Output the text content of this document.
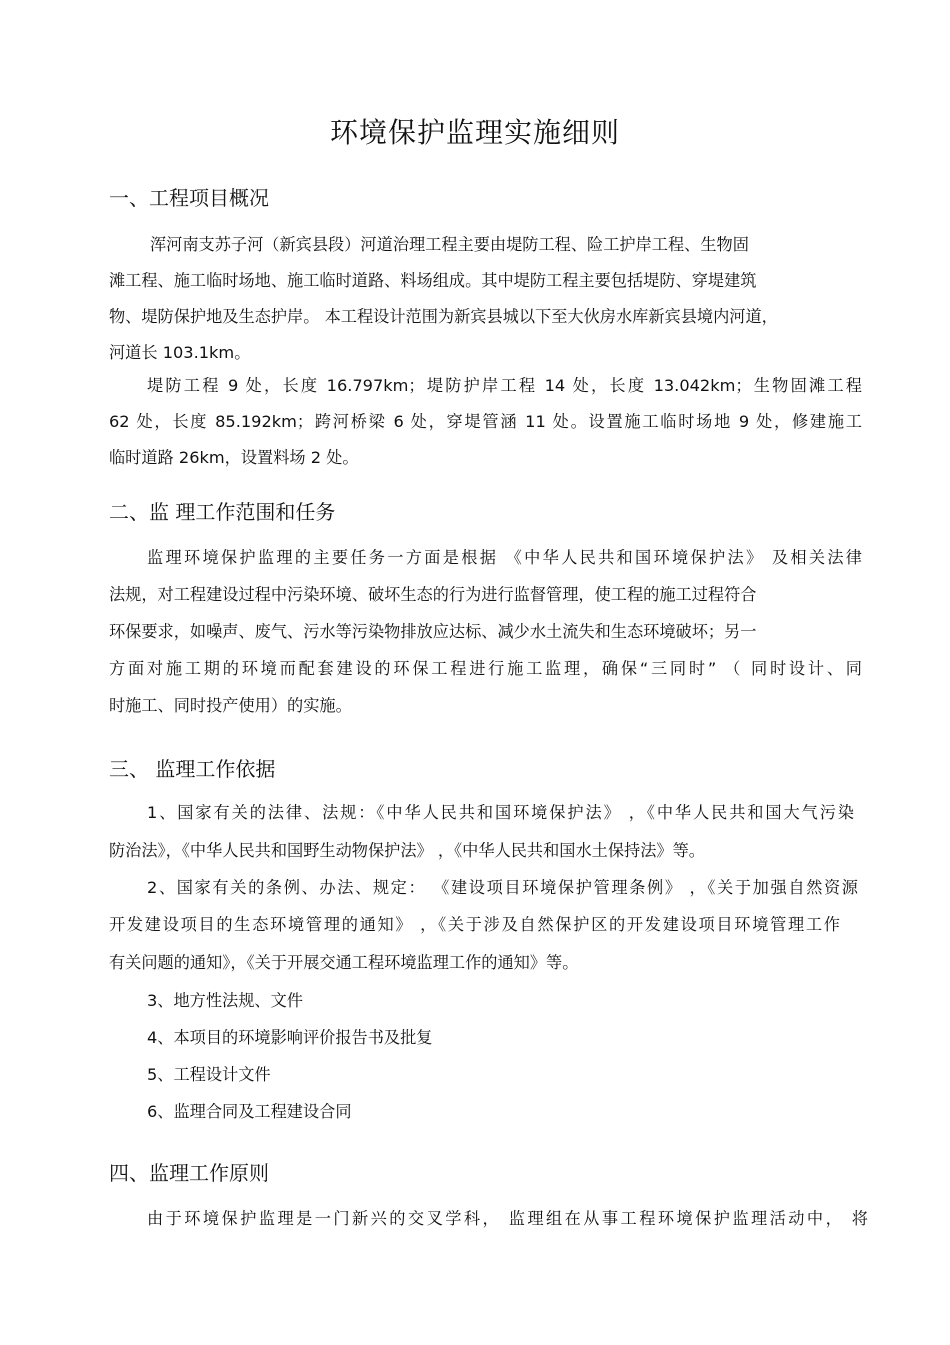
环境保护监理实施细则
一、工程项目概况
浑河南支苏子河（新宾县段）河道治理工程主要由堤防工程、险工护岸工程、生物固
滩工程、施工临时场地、施工临时道路、料场组成。其中堤防工程主要包括堤防、穿堤建筑
物、堤防保护地及生态护岸。 本工程设计范围为新宾县城以下至大伙房水库新宾县境内河道，
河道长 103.1km。
堤防工程 9 处，长度 16.797km；堤防护岸工程 14 处，长度 13.042km；生物固滩工程
62 处，长度 85.192km；跨河桥梁 6 处，穿堤管涵 11 处。设置施工临时场地 9 处，修建施工
临时道路 26km，设置料场 2 处。
二、监 理工作范围和任务
监理环境保护监理的主要任务一方面是根据 《中华人民共和国环境保护法》 及相关法律
法规，对工程建设过程中污染环境、破坏生态的行为进行监督管理，使工程的施工过程符合
环保要求，如噪声、废气、污水等污染物排放应达标、减少水土流失和生态环境破坏；另一
方面对施工期的环境而配套建设的环保工程进行施工监理，确保“三同时” （ 同时设计、同
时施工、同时投产使用）的实施。
三、 监理工作依据
1、国家有关的法律、法规：《中华人民共和国环境保护法》 ，《中华人民共和国大气污染
防治法》，《中华人民共和国野生动物保护法》 ，《中华人民共和国水土保持法》等。
2、国家有关的条例、办法、规定： 《建设项目环境保护管理条例》 ，《关于加强自然资源
开发建设项目的生态环境管理的通知》 ，《关于涉及自然保护区的开发建设项目环境管理工作
有关问题的通知》，《关于开展交通工程环境监理工作的通知》等。
3、地方性法规、文件
4、本项目的环境影响评价报告书及批复
5、工程设计文件
6、监理合同及工程建设合同
四、监理工作原则
由于环境保护监理是一门新兴的交叉学科， 监理组在从事工程环境保护监理活动中， 将
